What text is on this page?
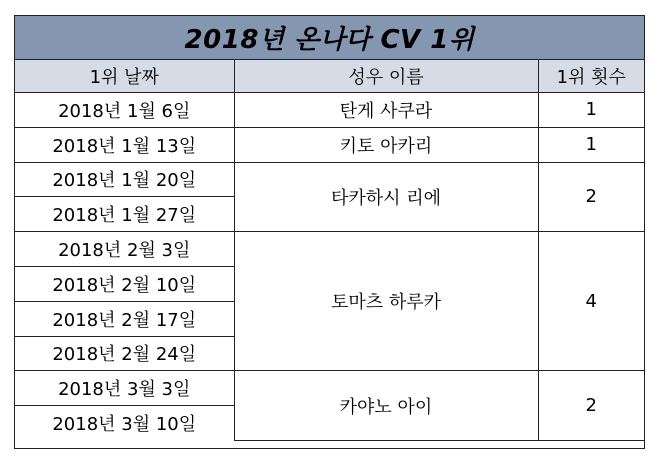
2018년 온나다 CV 1위
1위 날짜	성우 이름	1위 횟수
2018년 1월 6일	탄게 사쿠라	1
2018년 1월 13일	키토 아카리	1
2018년 1월 20일	타카하시 리에	2
2018년 1월 27일		
2018년 2월 3일	토마츠 하루카	4
2018년 2월 10일		
2018년 2월 17일		
2018년 2월 24일		
2018년 3월 3일	카야노 아이	2
2018년 3월 10일		
